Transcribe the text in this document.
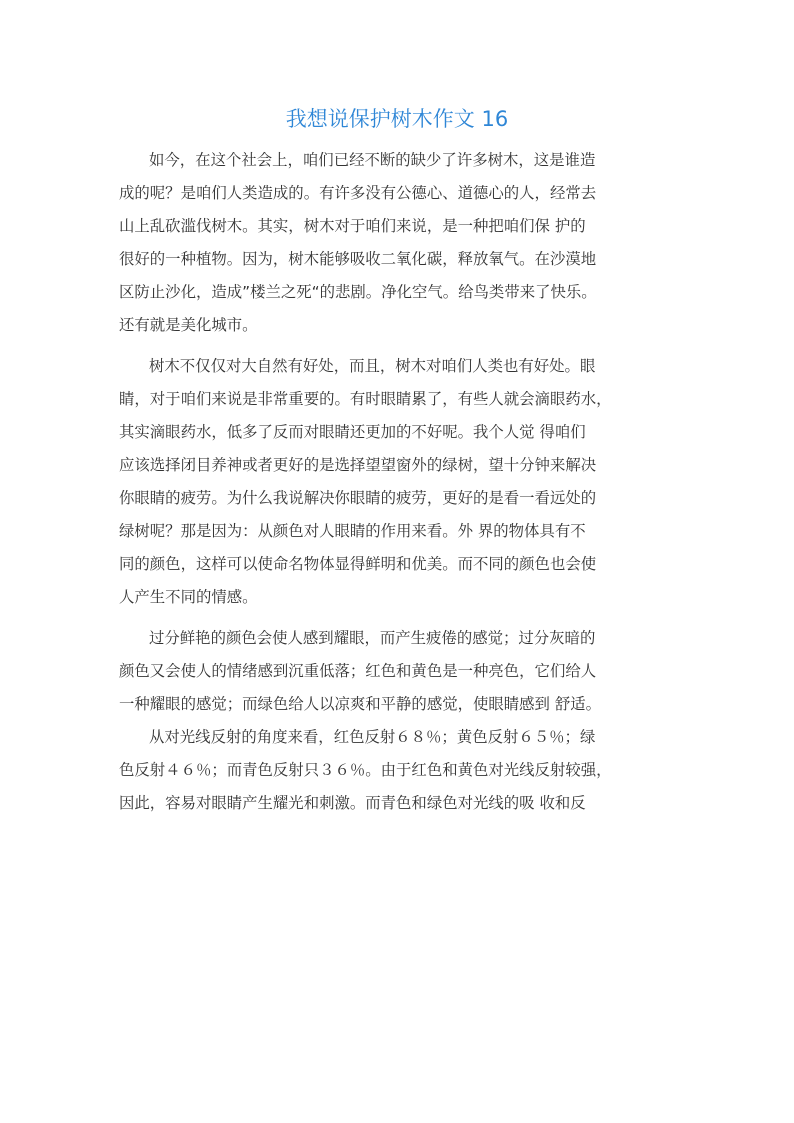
我想说保护树木作文 16

如今，在这个社会上，咱们已经不断的缺少了许多树木，这是谁造
成的呢？是咱们人类造成的。有许多没有公德心、道德心的人，经常去
山上乱砍滥伐树木。其实，树木对于咱们来说，是一种把咱们保 护的
很好的一种植物。因为，树木能够吸收二氧化碳，释放氧气。在沙漠地
区防止沙化，造成”楼兰之死“的悲剧。净化空气。给鸟类带来了快乐。
还有就是美化城市。

树木不仅仅对大自然有好处，而且，树木对咱们人类也有好处。眼
睛，对于咱们来说是非常重要的。有时眼睛累了，有些人就会滴眼药水，
其实滴眼药水，低多了反而对眼睛还更加的不好呢。我个人觉 得咱们
应该选择闭目养神或者更好的是选择望望窗外的绿树，望十分钟来解决
你眼睛的疲劳。为什么我说解决你眼睛的疲劳，更好的是看一看远处的
绿树呢？那是因为：从颜色对人眼睛的作用来看。外 界的物体具有不
同的颜色，这样可以使命名物体显得鲜明和优美。而不同的颜色也会使
人产生不同的情感。

过分鲜艳的颜色会使人感到耀眼，而产生疲倦的感觉；过分灰暗的
颜色又会使人的情绪感到沉重低落；红色和黄色是一种亮色，它们给人
一种耀眼的感觉；而绿色给人以凉爽和平静的感觉，使眼睛感到 舒适。

从对光线反射的角度来看，红色反射６８％；黄色反射６５％；绿
色反射４６％；而青色反射只３６％。由于红色和黄色对光线反射较强，
因此，容易对眼睛产生耀光和刺激。而青色和绿色对光线的吸 收和反
